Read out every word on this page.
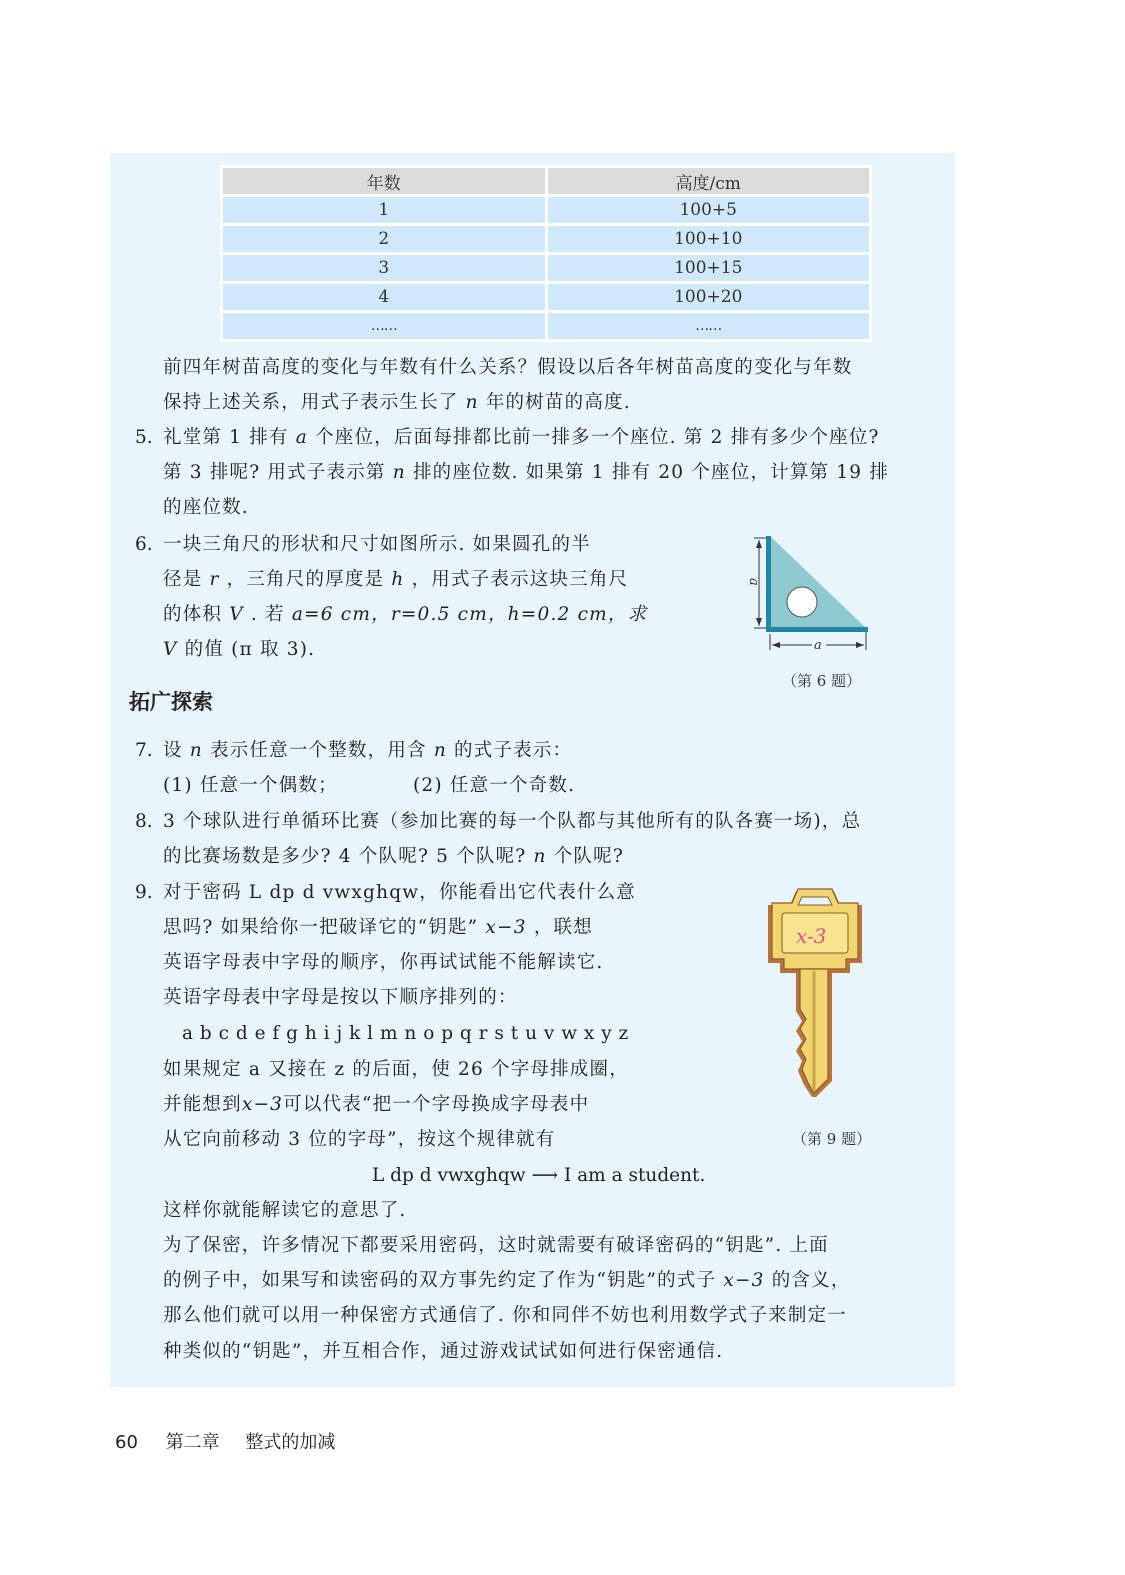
年数	高度/cm
1	100+5
2	100+10
3	100+15
4	100+20
……	……
前四年树苗高度的变化与年数有什么关系？假设以后各年树苗高度的变化与年数
保持上述关系，用式子表示生长了 n 年的树苗的高度.
5. 礼堂第 1 排有 a 个座位，后面每排都比前一排多一个座位. 第 2 排有多少个座位?
第 3 排呢? 用式子表示第 n 排的座位数. 如果第 1 排有 20 个座位，计算第 19 排
的座位数.
6. 一块三角尺的形状和尺寸如图所示. 如果圆孔的半
径是 r ，三角尺的厚度是 h ，用式子表示这块三角尺
的体积 V . 若 a=6 cm，r=0.5 cm，h=0.2 cm，求
V 的值 (π 取 3).
a
a
（第 6 题）
拓广探索
7. 设 n 表示任意一个整数，用含 n 的式子表示：
(1) 任意一个偶数；	(2) 任意一个奇数.
8. 3 个球队进行单循环比赛（参加比赛的每一个队都与其他所有的队各赛一场)，总
的比赛场数是多少? 4 个队呢? 5 个队呢? n 个队呢?
9. 对于密码 L dp d vwxghqw，你能看出它代表什么意
思吗? 如果给你一把破译它的“钥匙” x−3 ，联想
英语字母表中字母的顺序，你再试试能不能解读它.
英语字母表中字母是按以下顺序排列的：
a b c d e f g h i j k l m n o p q r s t u v w x y z
如果规定 a 又接在 z 的后面，使 26 个字母排成圈，
并能想到x−3可以代表“把一个字母换成字母表中
从它向前移动 3 位的字母”，按这个规律就有
L dp d vwxghqw ⟶ I am a student.
这样你就能解读它的意思了.
为了保密，许多情况下都要采用密码，这时就需要有破译密码的“钥匙”. 上面
的例子中，如果写和读密码的双方事先约定了作为“钥匙”的式子 x−3 的含义，
那么他们就可以用一种保密方式通信了. 你和同伴不妨也利用数学式子来制定一
种类似的“钥匙”，并互相合作，通过游戏试试如何进行保密通信.
x-3
（第 9 题）
60 第二章 整式的加减
